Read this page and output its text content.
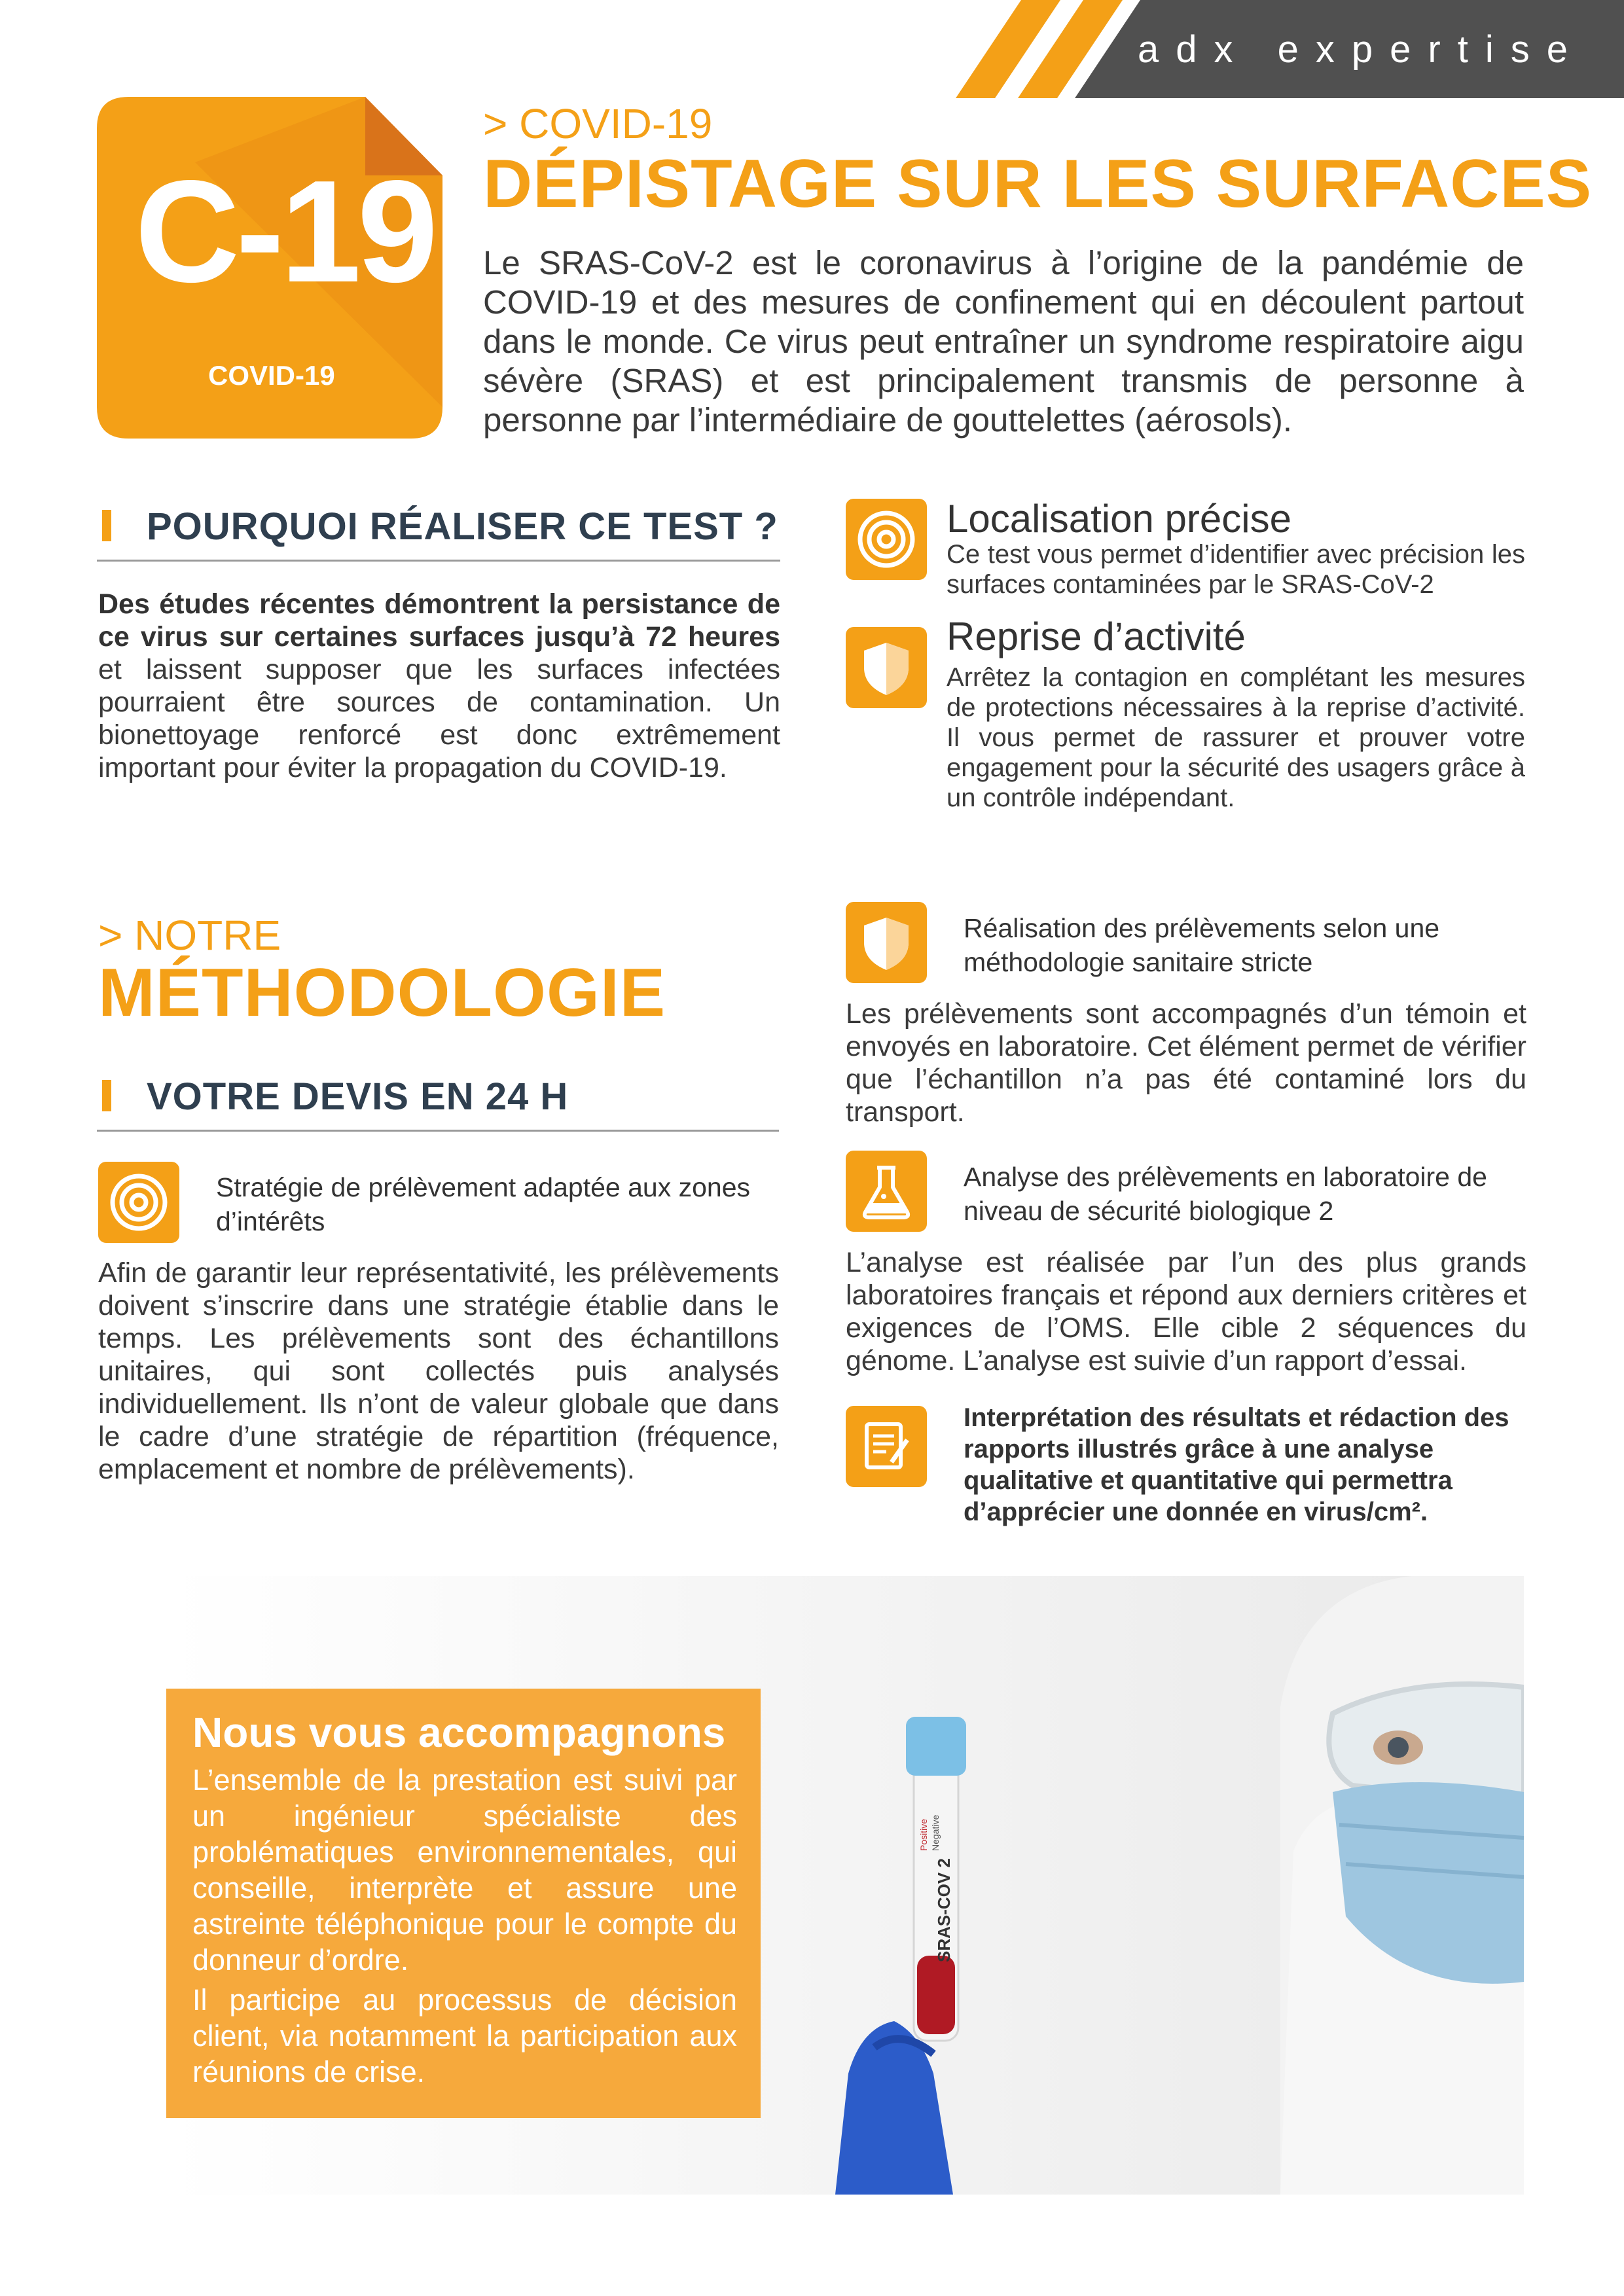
adx expertise
C-19
COVID-19
> COVID-19
DÉPISTAGE SUR LES SURFACES
Le SRAS-CoV-2 est le coronavirus à l’origine de la pandémie de COVID-19 et des mesures de confinement qui en découlent partout dans le monde. Ce virus peut entraîner un syndrome respiratoire aigu sévère (SRAS) et est principalement transmis de personne à personne par l’intermédiaire de gouttelettes (aérosols).
POURQUOI RÉALISER CE TEST ?
Des études récentes démontrent la persistance de ce virus sur certaines surfaces jusqu’à 72 heures et laissent supposer que les surfaces infectées pourraient être sources de contamination. Un bionettoyage renforcé est donc extrêmement important pour éviter la propagation du COVID-19.
Localisation précise
Ce test vous permet d’identifier avec précision les surfaces contaminées par le SRAS-CoV-2
Reprise d’activité
Arrêtez la contagion en complétant les mesures de protections nécessaires à la reprise d’activité. Il vous permet de rassurer et prouver votre engagement pour la sécurité des usagers grâce à un contrôle indépendant.
> NOTRE
MÉTHODOLOGIE
VOTRE DEVIS EN 24 H
Stratégie de prélèvement adaptée aux zones d’intérêts
Afin de garantir leur représentativité, les prélèvements doivent s’inscrire dans une stratégie établie dans le temps. Les prélèvements sont des échantillons unitaires, qui sont collectés puis analysés individuellement. Ils n’ont de valeur globale que dans le cadre d’une stratégie de répartition (fréquence, emplacement et nombre de prélèvements).
Réalisation des prélèvements selon une méthodologie sanitaire stricte
Les prélèvements sont accompagnés d’un témoin et envoyés en laboratoire. Cet élément permet de vérifier que l’échantillon n’a pas été contaminé lors du transport.
Analyse des prélèvements en laboratoire de niveau de sécurité biologique 2
L’analyse est réalisée par l’un des plus grands laboratoires français et répond aux derniers critères et exigences de l’OMS. Elle cible 2 séquences du génome. L’analyse est suivie d’un rapport d’essai.
Interprétation des résultats et rédaction des rapports illustrés grâce à une analyse qualitative et quantitative qui permettra d’apprécier une donnée en virus/cm².
SRAS-COV 2
Positive Negative
Nous vous accompagnons
L’ensemble de la prestation est suivi par un ingénieur spécialiste des problématiques environnementales, qui conseille, interprète et assure une astreinte téléphonique pour le compte du donneur d’ordre.
Il participe au processus de décision client, via notamment la participation aux réunions de crise.
